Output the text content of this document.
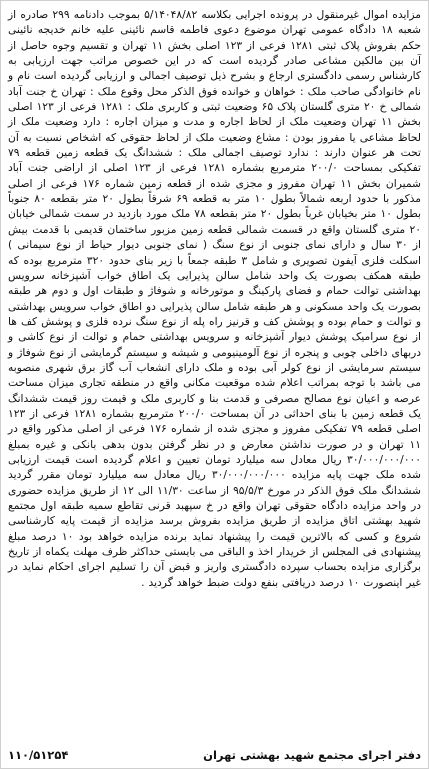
مزایده اموال غیرمنقول در پرونده اجرایی بکلاسه ۵/۱۴۰۴۸/۸۲ بموجب دادنامه ۲۹۹ صادره از شعبه ۱۸ دادگاه عمومی تهران موضوع دعوی فاطمه قاسم نائینی علیه خانم خدیجه نائینی حکم بفروش پلاک ثبتی ۱۲۸۱ فرعی از ۱۲۳ اصلی بخش ۱۱ تهران و تقسیم وجوه حاصل از آن بین مالکین مشاعی صادر گردیده است که در این خصوص مراتب جهت ارزیابی به کارشناس رسمی دادگستری ارجاع و بشرح ذیل توصیف اجمالی و ارزیابی گردیده است نام و نام خانوادگی صاحب ملک : خواهان و خوانده فوق الذکر محل وقوع ملک : تهران خ جنت آباد شمالی خ ۲۰ متری گلستان پلاک ۶۵ وضعیت ثبتی و کاربری ملک : ۱۲۸۱ فرعی از ۱۲۳ اصلی بخش ۱۱ تهران وضعیت ملک از لحاظ اجاره و مدت و میزان اجاره : دارد وضعیت ملک از لحاظ مشاعی یا مفروز بودن : مشاع وضعیت ملک از لحاظ حقوقی که اشخاص نسبت به آن تحت هر عنوان دارند : ندارد توصیف اجمالی ملک : ششدانگ یک قطعه زمین قطعه ۷۹ تفکیکی بمساحت ۲۰۰/۰ مترمربع بشماره ۱۲۸۱ فرعی از ۱۲۳ اصلی از اراضی جنت آباد شمیران بخش ۱۱ تهران مفروز و مجزی شده از قطعه زمین شماره ۱۷۶ فرعی از اصلی مذکور با حدود اربعه شمالاً بطول ۱۰ متر به قطعه ۶۹ شرقاً بطول ۲۰ متر بقطعه ۸۰ جنوباً بطول ۱۰ متر بخیابان غرباً بطول ۲۰ متر بقطعه ۷۸ ملک مورد بازدید در سمت شمالی خیابان ۲۰ متری گلستان واقع در قسمت شمالی قطعه زمین مزبور ساختمان قدیمی با قدمت بیش از ۳۰ سال و دارای نمای جنوبی از نوع سنگ ( نمای جنوبی دیوار حیاط از نوع سیمانی ) اسکلت فلزی آیفون تصویری و شامل ۳ طبقه جمعاً با زیر بنای حدود ۳۲۰ مترمربع بوده که طبقه همکف بصورت یک واحد شامل سالن پذیرایی یک اطاق خواب آشپزخانه سرویس بهداشتی توالت حمام و فضای پارکینگ و موتورخانه و شوفاژ و طبقات اول و دوم هر طبقه بصورت یک واحد مسکونی و هر طبقه شامل سالن پذیرایی دو اطاق خواب سرویس بهداشتی و توالت و حمام بوده و پوشش کف و قرنیز راه پله از نوع سنگ نرده فلزی و پوشش کف ها از نوع سرامیک پوشش دیوار آشپزخانه و سرویس بهداشتی حمام و توالت از نوع کاشی و دربهای داخلی چوبی و پنجره از نوع آلومینیومی و شیشه و سیستم گرمایشی از نوع شوفاژ و سیستم سرمایشی از نوع کولر آبی بوده و ملک دارای انشعاب آب گاز برق شهری منصوبه می باشد با توجه بمراتب اعلام شده موقعیت مکانی واقع در منطقه تجاری میزان مساحت عرصه و اعیان نوع مصالح مصرفی و قدمت بنا و کاربری ملک و قیمت روز قیمت ششدانگ یک قطعه زمین با بنای احداثی در آن بمساحت ۲۰۰/۰ مترمربع بشماره ۱۲۸۱ فرعی از ۱۲۳ اصلی قطعه ۷۹ تفکیکی مفروز و مجزی شده از شماره ۱۷۶ فرعی از اصلی مذکور واقع در ۱۱ تهران و در صورت نداشتن معارض و در نظر گرفتن بدون بدهی بانکی و غیره بمبلغ ۳۰/۰۰۰/۰۰۰/۰۰۰ ریال معادل سه میلیارد تومان تعیین و اعلام گردیده است قیمت ارزیابی شده ملک جهت پایه مزایده ۳۰/۰۰۰/۰۰۰/۰۰۰ ریال معادل سه میلیارد تومان مقرر گردید ششدانگ ملک فوق الذکر در مورخ ۹۵/۵/۳ از ساعت ۱۱/۳۰ الی ۱۲ از طریق مزایده حضوری در واحد مزایده دادگاه حقوقی تهران واقع در خ سپهبد قرنی تقاطع سمیه طبقه اول مجتمع شهید بهشتی اتاق مزایده از طریق مزایده بفروش برسد مزایده از قیمت پایه کارشناسی شروع و کسی که بالاترین قیمت را پیشنهاد نماید برنده مزایده خواهد بود ۱۰ درصد مبلغ پیشنهادی فی المجلس از خریدار اخذ و الباقی می بایستی حداکثر ظرف مهلت یکماه از تاریخ برگزاری مزایده بحساب سپرده دادگستری واریز و قبض آن را تسلیم اجرای احکام نماید در غیر اینصورت ۱۰ درصد دریافتی بنفع دولت ضبط خواهد گردید .
دفتر اجرای مجتمع شهید بهشتی تهران
۱۱۰/۵۱۲۵۴
